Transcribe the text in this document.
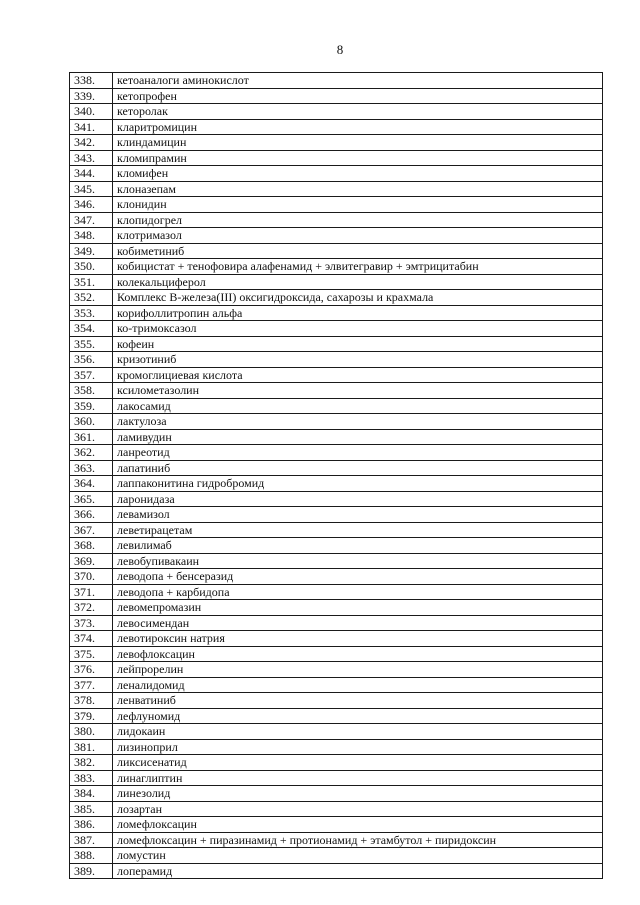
8
338.	кетоаналоги аминокислот
339.	кетопрофен
340.	кеторолак
341.	кларитромицин
342.	клиндамицин
343.	кломипрамин
344.	кломифен
345.	клоназепам
346.	клонидин
347.	клопидогрел
348.	клотримазол
349.	кобиметиниб
350.	кобицистат + тенофовира алафенамид + элвитегравир + эмтрицитабин
351.	колекальциферол
352.	Комплекс В-железа(III) оксигидроксида, сахарозы и крахмала
353.	корифоллитропин альфа
354.	ко-тримоксазол
355.	кофеин
356.	кризотиниб
357.	кромоглициевая кислота
358.	ксилометазолин
359.	лакосамид
360.	лактулоза
361.	ламивудин
362.	ланреотид
363.	лапатиниб
364.	лаппаконитина гидробромид
365.	ларонидаза
366.	левамизол
367.	леветирацетам
368.	левилимаб
369.	левобупивакаин
370.	леводопа + бенсеразид
371.	леводопа + карбидопа
372.	левомепромазин
373.	левосимендан
374.	левотироксин натрия
375.	левофлоксацин
376.	лейпрорелин
377.	леналидомид
378.	ленватиниб
379.	лефлуномид
380.	лидокаин
381.	лизиноприл
382.	ликсисенатид
383.	линаглиптин
384.	линезолид
385.	лозартан
386.	ломефлоксацин
387.	ломефлоксацин + пиразинамид + протионамид + этамбутол + пиридоксин
388.	ломустин
389.	лоперамид
